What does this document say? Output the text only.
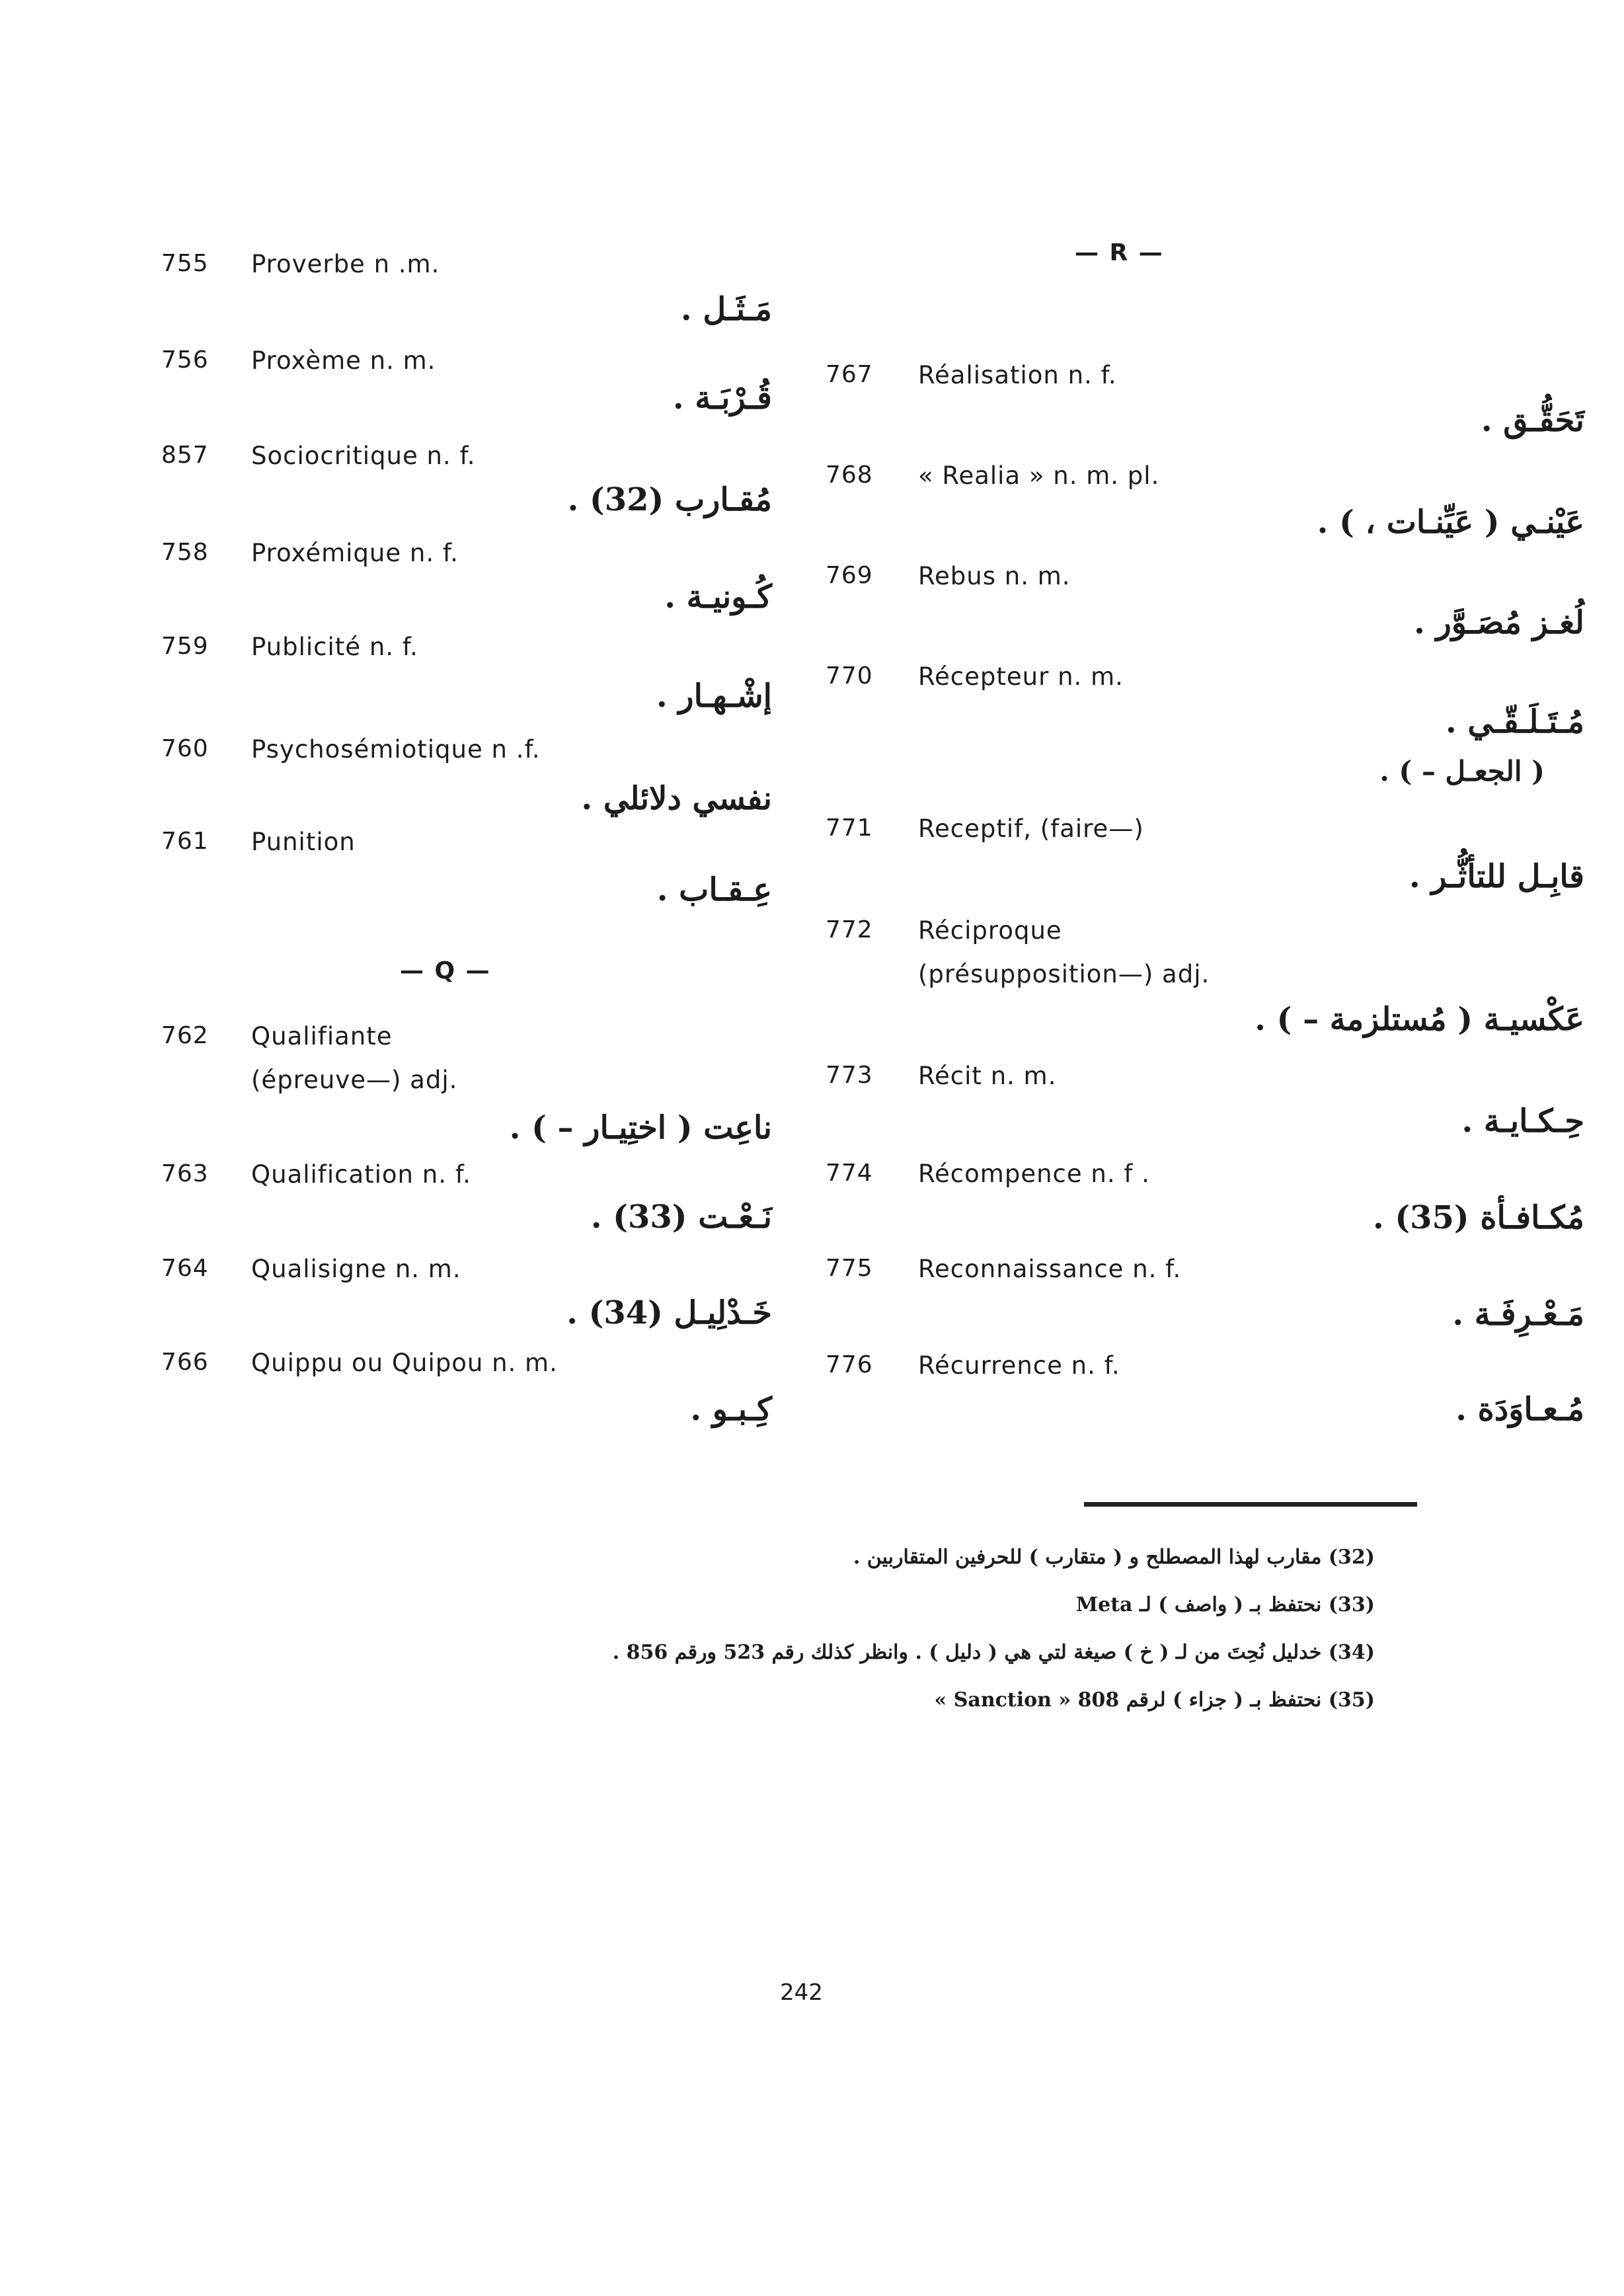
755 Proverbe n .m.
مَـثَـل .
756 Proxème n. m.
قُـرْبَـة .
857 Sociocritique n. f.
مُقـارب (32) .
758 Proxémique n. f.
كُـونيـة .
759 Publicité n. f.
إشْـهـار .
760 Psychosémiotique n .f.
نفسي دلائلي .
761 Punition
عِـقـاب .
— Q —
762 Qualifiante
(épreuve—) adj.
ناعِت ( اختِيـار – ) .
763 Qualification n. f.
نَـعْـت (33) .
764 Qualisigne n. m.
خَـدْلِيـل (34) .
766 Quippu ou Quipou n. m.
كِـبـو .
— R —
767 Réalisation n. f.
تَحَقُّـق .
768 « Realia » n. m. pl.
عَيْنـي ( عَيِّنـات ، ) .
769 Rebus n. m.
لُغـز مُصَـوَّر .
770 Récepteur n. m.
مُـتَـلَـقّـي .
( الجعـل – ) .
771 Receptif, (faire—)
قابِـل للتأثُّـر .
772 Réciproque
(présupposition—) adj.
عَكْسيـة ( مُستلزمة – ) .
773 Récit n. m.
حِـكـايـة .
774 Récompence n. f .
مُكـافـأة (35) .
775 Reconnaissance n. f.
مَـعْـرِفَـة .
776 Récurrence n. f.
مُـعـاوَدَة .
(32) مقارب لهذا المصطلح و ( متقارب ) للحرفين المتقاربين .
(33) نحتفظ بـ ( واصف ) لـ Meta
(34) خدليل نُحِتَ من لـ ( خ ) صيغة لتي هي ( دليل ) . وانظر كذلك رقم 523 ورقم 856 .
(35) نحتفظ بـ ( جزاء ) لرقم 808 « Sanction »
242
